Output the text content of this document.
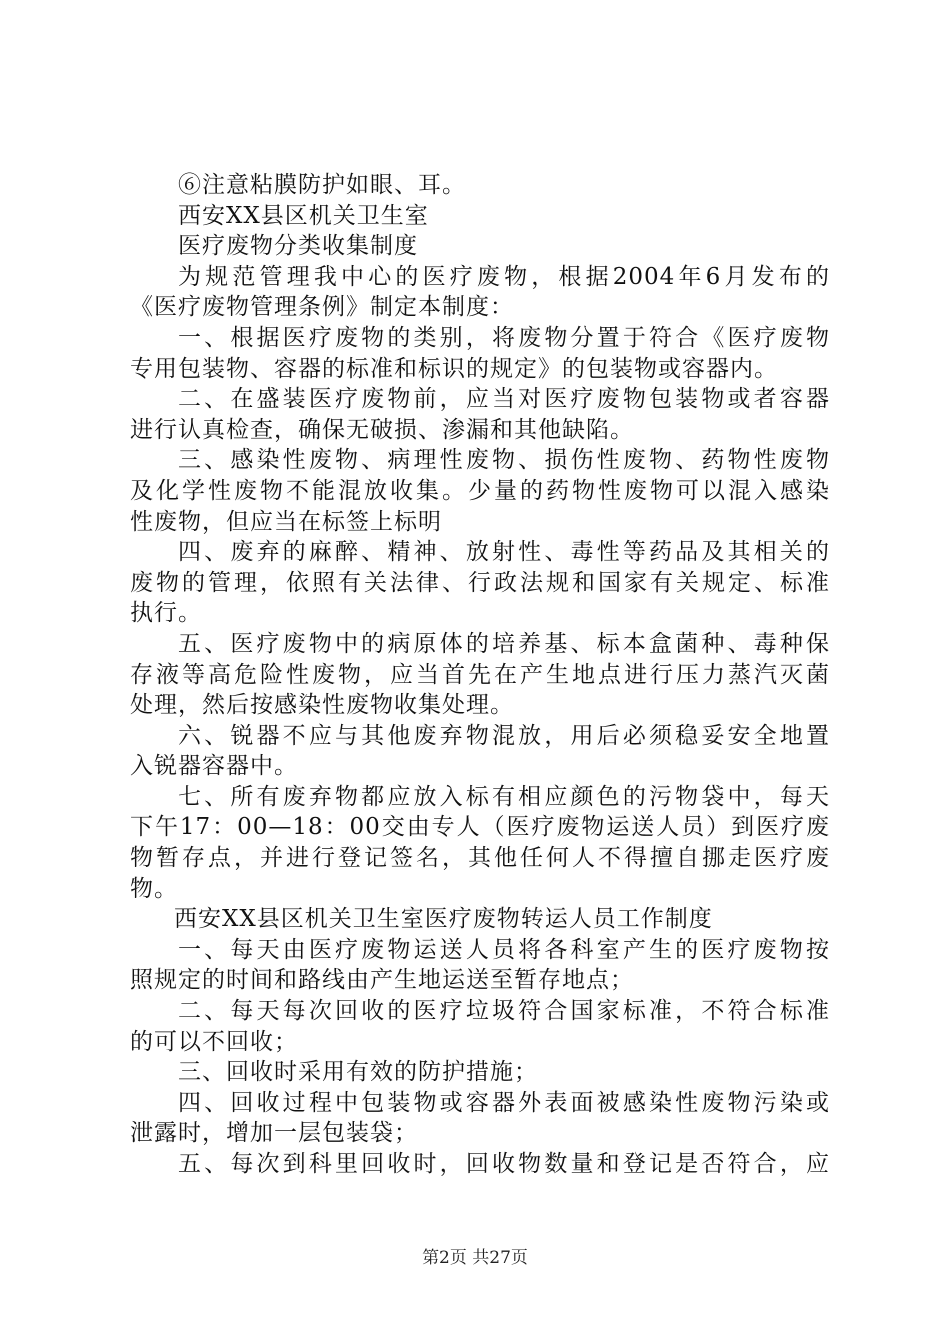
⑥注意粘膜防护如眼、耳。
西安XX县区机关卫生室
医疗废物分类收集制度
为规范管理我中心的医疗废物，根据2004年6月发布的
《医疗废物管理条例》制定本制度：
一、根据医疗废物的类别，将废物分置于符合《医疗废物
专用包装物、容器的标准和标识的规定》的包装物或容器内。
二、在盛装医疗废物前，应当对医疗废物包装物或者容器
进行认真检查，确保无破损、渗漏和其他缺陷。
三、感染性废物、病理性废物、损伤性废物、药物性废物
及化学性废物不能混放收集。少量的药物性废物可以混入感染
性废物，但应当在标签上标明
四、废弃的麻醉、精神、放射性、毒性等药品及其相关的
废物的管理，依照有关法律、行政法规和国家有关规定、标准
执行。
五、医疗废物中的病原体的培养基、标本盒菌种、毒种保
存液等高危险性废物，应当首先在产生地点进行压力蒸汽灭菌
处理，然后按感染性废物收集处理。
六、锐器不应与其他废弃物混放，用后必须稳妥安全地置
入锐器容器中。
七、所有废弃物都应放入标有相应颜色的污物袋中，每天
下午17：00—18：00交由专人（医疗废物运送人员）到医疗废
物暂存点，并进行登记签名，其他任何人不得擅自挪走医疗废
物。
西安XX县区机关卫生室医疗废物转运人员工作制度
一、每天由医疗废物运送人员将各科室产生的医疗废物按
照规定的时间和路线由产生地运送至暂存地点；
二、每天每次回收的医疗垃圾符合国家标准，不符合标准
的可以不回收；
三、回收时采用有效的防护措施；
四、回收过程中包装物或容器外表面被感染性废物污染或
泄露时，增加一层包装袋；
五、每次到科里回收时，回收物数量和登记是否符合，应
第2页 共27页
